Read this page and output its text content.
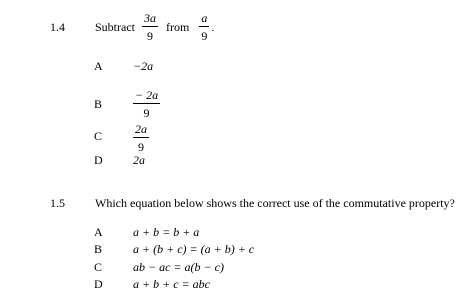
1.4	Subtract $\frac{3a}{9}$ from $\frac{a}{9}$ .
A	−2a
B	$\frac{- 2a}{9}$
C	$\frac{2a}{9}$
D	2a
1.5	Which equation below shows the correct use of the commutative property?
A	a + b = b + a
B	a + (b + c) = (a + b) + c
C	ab − ac = a(b − c)
D	a + b + c = abc
